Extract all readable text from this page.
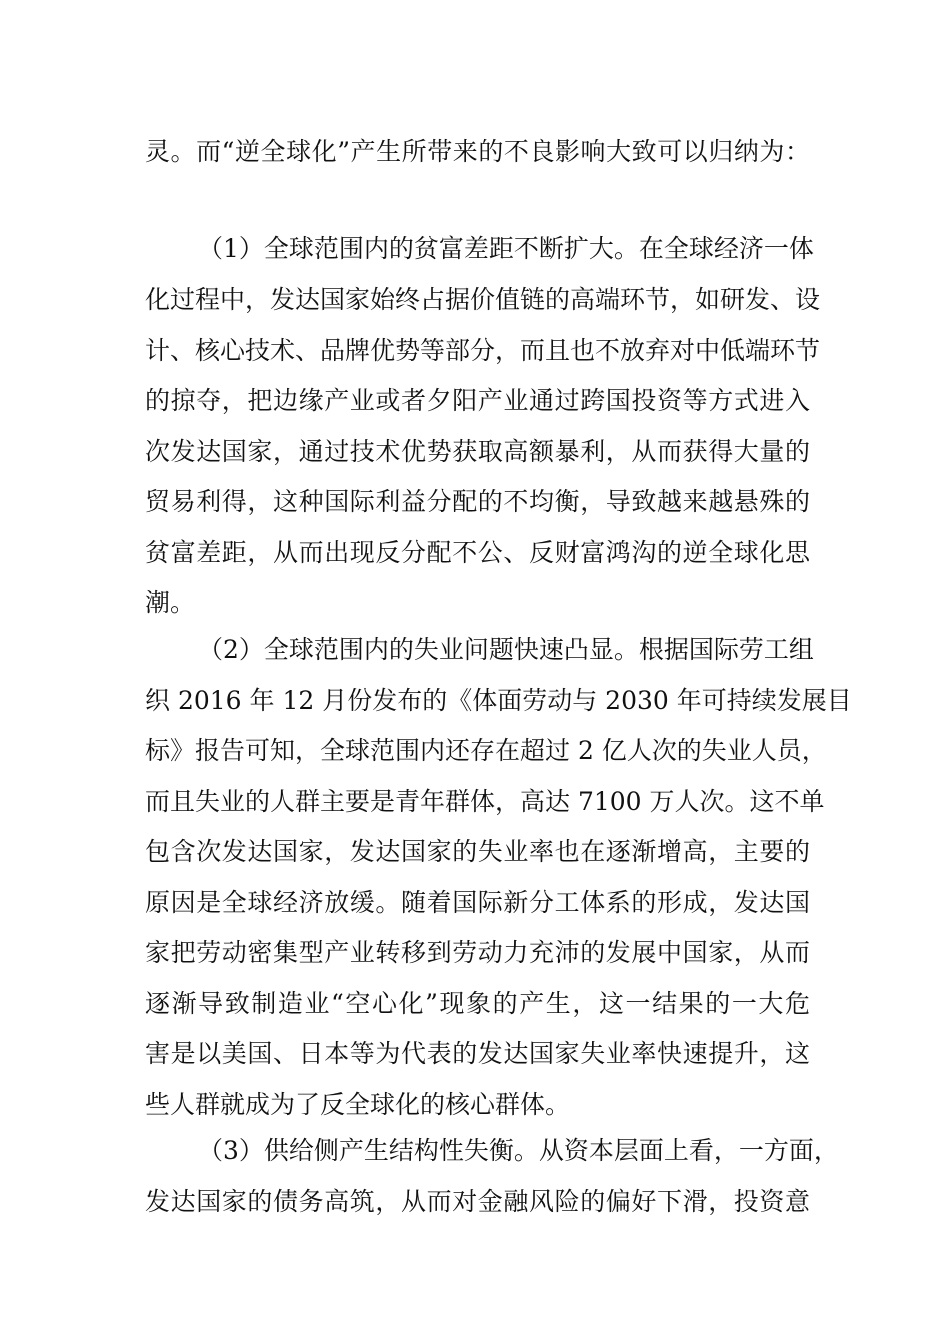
灵。而“逆全球化”产生所带来的不良影响大致可以归纳为：
（1）全球范围内的贫富差距不断扩大。在全球经济一体
化过程中，发达国家始终占据价值链的高端环节，如研发、设
计、核心技术、品牌优势等部分，而且也不放弃对中低端环节
的掠夺，把边缘产业或者夕阳产业通过跨国投资等方式进入
次发达国家，通过技术优势获取高额暴利，从而获得大量的
贸易利得，这种国际利益分配的不均衡，导致越来越悬殊的
贫富差距，从而出现反分配不公、反财富鸿沟的逆全球化思
潮。
（2）全球范围内的失业问题快速凸显。根据国际劳工组
织 2016 年 12 月份发布的《体面劳动与 2030 年可持续发展目
标》报告可知，全球范围内还存在超过 2 亿人次的失业人员，
而且失业的人群主要是青年群体，高达 7100 万人次。这不单
包含次发达国家，发达国家的失业率也在逐渐增高，主要的
原因是全球经济放缓。随着国际新分工体系的形成，发达国
家把劳动密集型产业转移到劳动力充沛的发展中国家，从而
逐渐导致制造业“空心化”现象的产生，这一结果的一大危
害是以美国、日本等为代表的发达国家失业率快速提升，这
些人群就成为了反全球化的核心群体。
（3）供给侧产生结构性失衡。从资本层面上看，一方面，
发达国家的债务高筑，从而对金融风险的偏好下滑，投资意
